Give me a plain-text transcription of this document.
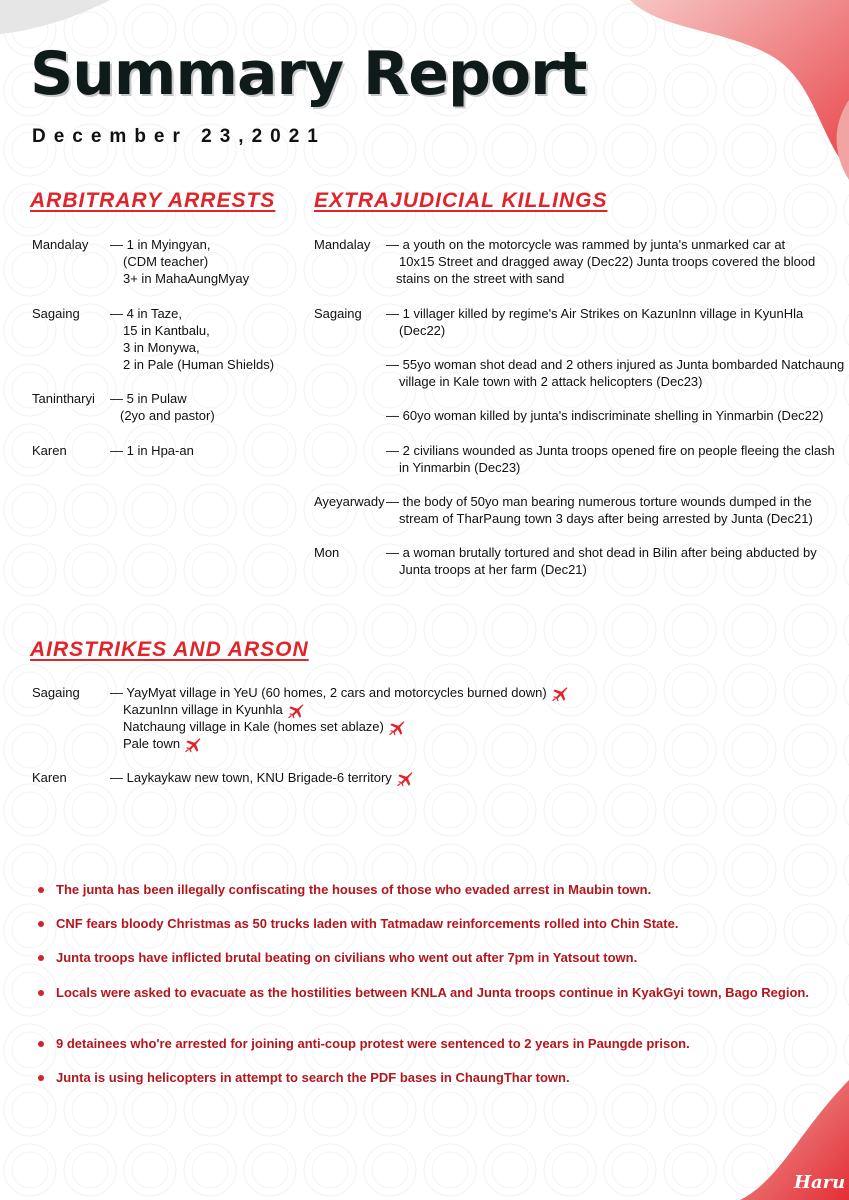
Summary Report
December 23,2021
ARBITRARY ARRESTS
Mandalay — 1 in Myingyan,
(CDM teacher)
3+ in MahaAungMyay
Sagaing — 4 in Taze,
15 in Kantbalu,
3 in Monywa,
2 in Pale (Human Shields)
Tanintharyi — 5 in Pulaw
(2yo and pastor)
Karen	— 1 in Hpa-an
EXTRAJUDICIAL KILLINGS
Mandalay — a youth on the motorcycle was rammed by junta's unmarked car at
10x15 Street and dragged away (Dec22) Junta troops covered the blood
stains on the street with sand
Sagaing — 1 villager killed by regime's Air Strikes on KazunInn village in KyunHla
(Dec22)
— 55yo woman shot dead and 2 others injured as Junta bombarded Natchaung
village in Kale town with 2 attack helicopters (Dec23)
— 60yo woman killed by junta's indiscriminate shelling in Yinmarbin (Dec22)
— 2 civilians wounded as Junta troops opened fire on people fleeing the clash
in Yinmarbin (Dec23)
Ayeyarwady — the body of 50yo man bearing numerous torture wounds dumped in the
stream of TharPaung town 3 days after being arrested by Junta (Dec21)
Mon	— a woman brutally tortured and shot dead in Bilin after being abducted by
Junta troops at her farm (Dec21)
AIRSTRIKES AND ARSON
Sagaing — YayMyat village in YeU (60 homes, 2 cars and motorcycles burned down)
KazunInn village in Kyunhla
Natchaung village in Kale (homes set ablaze)
Pale town
Karen	— Laykaykaw new town, KNU Brigade-6 territory
The junta has been illegally confiscating the houses of those who evaded arrest in Maubin town.
CNF fears bloody Christmas as 50 trucks laden with Tatmadaw reinforcements rolled into Chin State.
Junta troops have inflicted brutal beating on civilians who went out after 7pm in Yatsout town.
Locals were asked to evacuate as the hostilities between KNLA and Junta troops continue in KyakGyi town, Bago Region.
9 detainees who're arrested for joining anti-coup protest were sentenced to 2 years in Paungde prison.
Junta is using helicopters in attempt to search the PDF bases in ChaungThar town.
Haru
